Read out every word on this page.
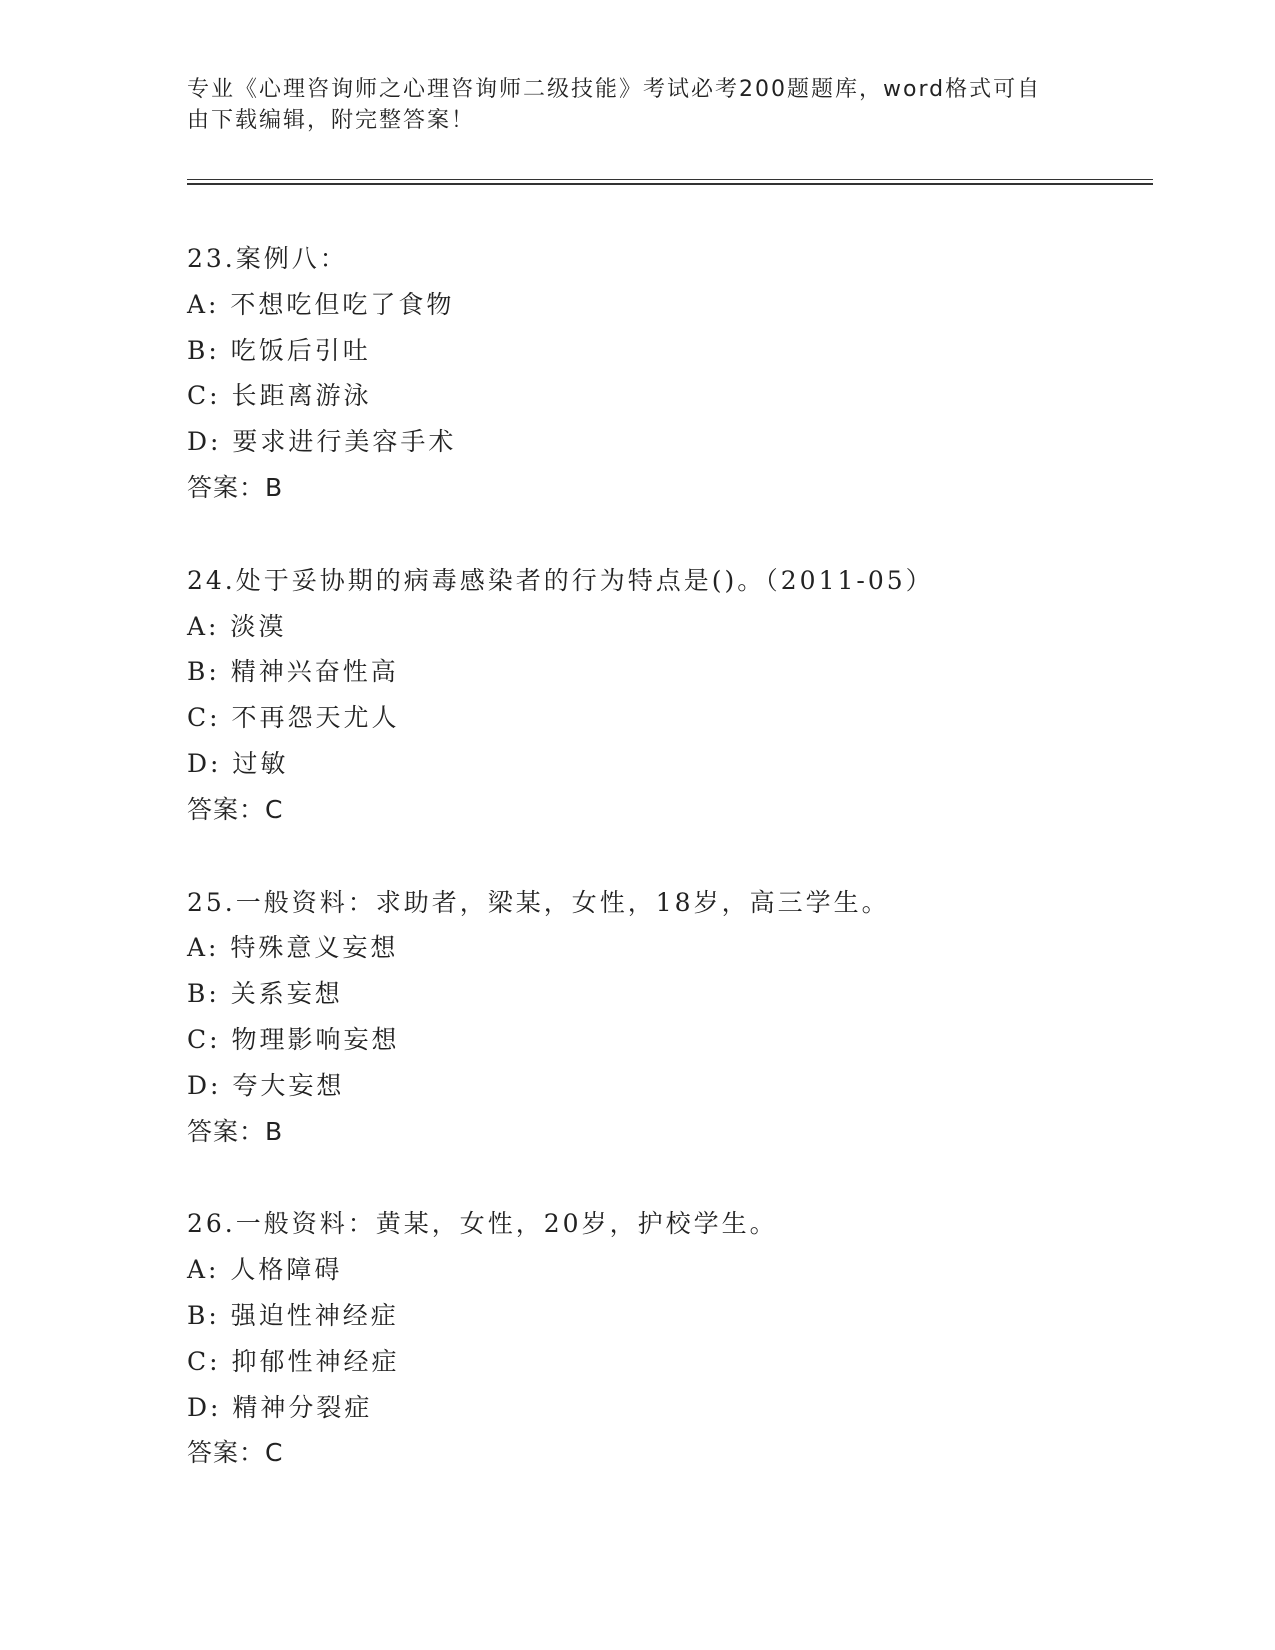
专业《心理咨询师之心理咨询师二级技能》考试必考200题题库，word格式可自
由下载编辑，附完整答案！
23.案例八：
A: 不想吃但吃了食物
B: 吃饭后引吐
C: 长距离游泳
D: 要求进行美容手术
答案：B
24.处于妥协期的病毒感染者的行为特点是()。（2011-05）
A: 淡漠
B: 精神兴奋性高
C: 不再怨天尤人
D: 过敏
答案：C
25.一般资料：求助者，梁某，女性，18岁，高三学生。
A: 特殊意义妄想
B: 关系妄想
C: 物理影响妄想
D: 夸大妄想
答案：B
26.一般资料：黄某，女性，20岁，护校学生。
A: 人格障碍
B: 强迫性神经症
C: 抑郁性神经症
D: 精神分裂症
答案：C
